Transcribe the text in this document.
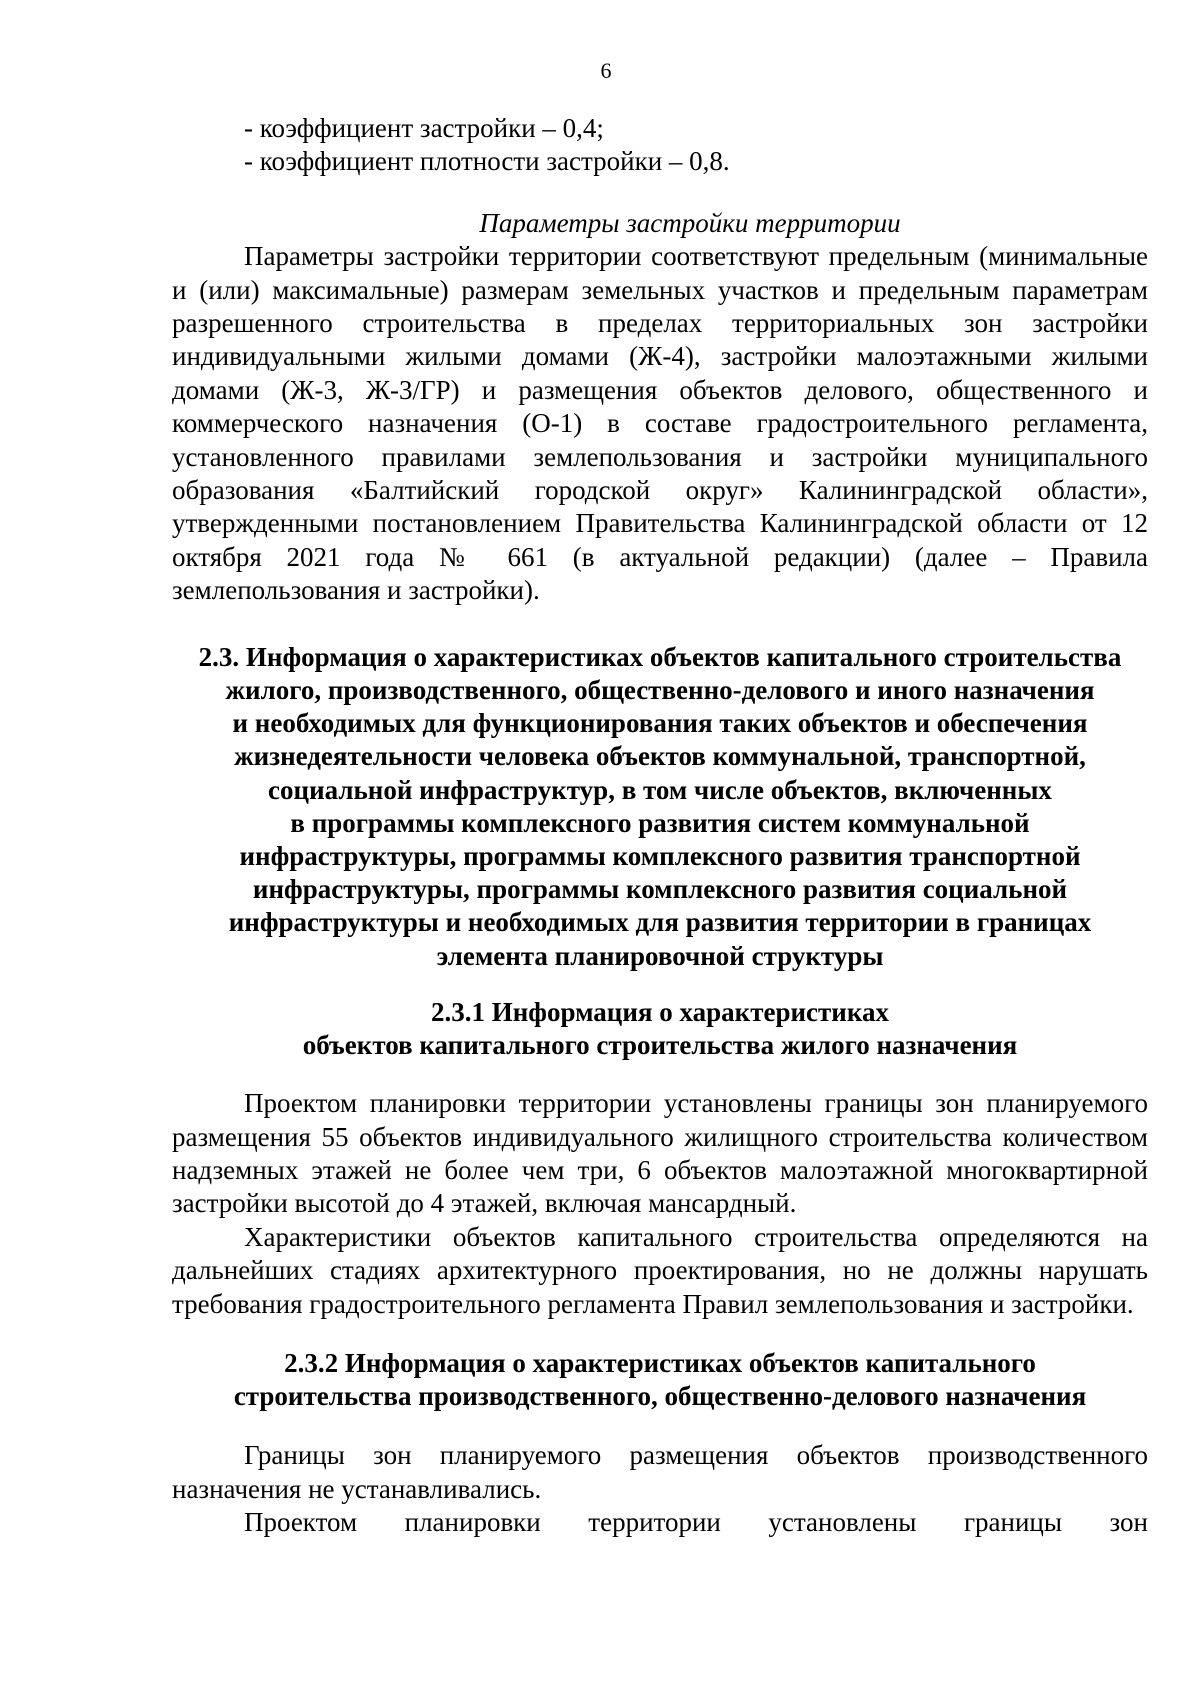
6

- коэффициент застройки – 0,4;

- коэффициент плотности застройки – 0,8.

Параметры застройки территории

Параметры застройки территории соответствуют предельным (минимальные и (или) максимальные) размерам земельных участков и предельным параметрам разрешенного строительства в пределах территориальных зон застройки индивидуальными жилыми домами (Ж-4), застройки малоэтажными жилыми домами (Ж-3, Ж-3/ГР) и размещения объектов делового, общественного и коммерческого назначения (О-1) в составе градостроительного регламента, установленного правилами землепользования и застройки муниципального образования «Балтийский городской округ» Калининградской области», утвержденными постановлением Правительства Калининградской области от 12 октября 2021 года № 661 (в актуальной редакции) (далее – Правила землепользования и застройки).

2.3. Информация о характеристиках объектов капитального строительства
жилого, производственного, общественно-делового и иного назначения
и необходимых для функционирования таких объектов и обеспечения
жизнедеятельности человека объектов коммунальной, транспортной,
социальной инфраструктур, в том числе объектов, включенных
в программы комплексного развития систем коммунальной
инфраструктуры, программы комплексного развития транспортной
инфраструктуры, программы комплексного развития социальной
инфраструктуры и необходимых для развития территории в границах
элемента планировочной структуры
2.3.1 Информация о характеристиках
объектов капитального строительства жилого назначения

Проектом планировки территории установлены границы зон планируемого размещения 55 объектов индивидуального жилищного строительства количеством надземных этажей не более чем три, 6 объектов малоэтажной многоквартирной застройки высотой до 4 этажей, включая мансардный.

Характеристики объектов капитального строительства определяются на дальнейших стадиях архитектурного проектирования, но не должны нарушать требования градостроительного регламента Правил землепользования и застройки.

2.3.2 Информация о характеристиках объектов капитального
строительства производственного, общественно-делового назначения

Границы зон планируемого размещения объектов производственного назначения не устанавливались.

Проектом планировки территории установлены границы зон
